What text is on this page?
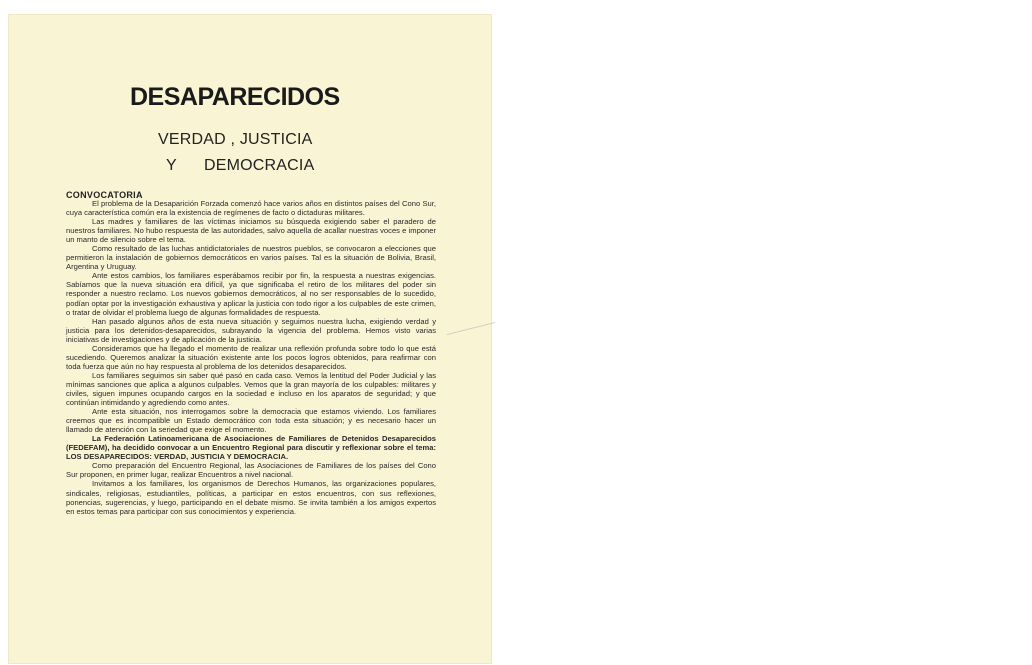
DESAPARECIDOS
VERDAD , JUSTICIA
Y DEMOCRACIA
CONVOCATORIA

El problema de la Desaparición Forzada comenzó hace varios años en distintos países del Cono Sur, cuya característica común era la existencia de regímenes de facto o dictaduras militares.

Las madres y familiares de las víctimas iniciamos su búsqueda exigiendo saber el paradero de nuestros familiares. No hubo respuesta de las autoridades, salvo aquella de acallar nuestras voces e imponer un manto de silencio sobre el tema.

Como resultado de las luchas antidictatoriales de nuestros pueblos, se convocaron a elecciones que permitieron la instalación de gobiernos democráticos en varios países. Tal es la situación de Bolivia, Brasil, Argentina y Uruguay.

Ante estos cambios, los familiares esperábamos recibir por fin, la respuesta a nuestras exigencias. Sabíamos que la nueva situación era difícil, ya que significaba el retiro de los militares del poder sin responder a nuestro reclamo. Los nuevos gobiernos democráticos, al no ser responsables de lo sucedido, podían optar por la investigación exhaustiva y aplicar la justicia con todo rigor a los culpables de este crimen, o tratar de olvidar el problema luego de algunas formalidades de respuesta.

Han pasado algunos años de esta nueva situación y seguimos nuestra lucha, exigiendo verdad y justicia para los detenidos-desaparecidos, subrayando la vigencia del problema. Hemos visto varias iniciativas de investigaciones y de aplicación de la justicia.

Consideramos que ha llegado el momento de realizar una reflexión profunda sobre todo lo que está sucediendo. Queremos analizar la situación existente ante los pocos logros obtenidos, para reafirmar con toda fuerza que aún no hay respuesta al problema de los detenidos desaparecidos.

Los familiares seguimos sin saber qué pasó en cada caso. Vemos la lentitud del Poder Judicial y las mínimas sanciones que aplica a algunos culpables. Vemos que la gran mayoría de los culpables: militares y civiles, siguen impunes ocupando cargos en la sociedad e incluso en los aparatos de seguridad; y que continúan intimidando y agrediendo como antes.

Ante esta situación, nos interrogamos sobre la democracia que estamos viviendo. Los familiares creemos que es incompatible un Estado democrático con toda esta situación; y es necesario hacer un llamado de atención con la seriedad que exige el momento.

La Federación Latinoamericana de Asociaciones de Familiares de Detenidos Desaparecidos (FEDEFAM), ha decidido convocar a un Encuentro Regional para discutir y reflexionar sobre el tema: LOS DESAPARECIDOS: VERDAD, JUSTICIA Y DEMOCRACIA.

Como preparación del Encuentro Regional, las Asociaciones de Familiares de los países del Cono Sur proponen, en primer lugar, realizar Encuentros a nivel nacional.

Invitamos a los familiares, los organismos de Derechos Humanos, las organizaciones populares, sindicales, religiosas, estudiantiles, políticas, a participar en estos encuentros, con sus reflexiones, ponencias, sugerencias, y luego, participando en el debate mismo. Se invita también a los amigos expertos en estos temas para participar con sus conocimientos y experiencia.
